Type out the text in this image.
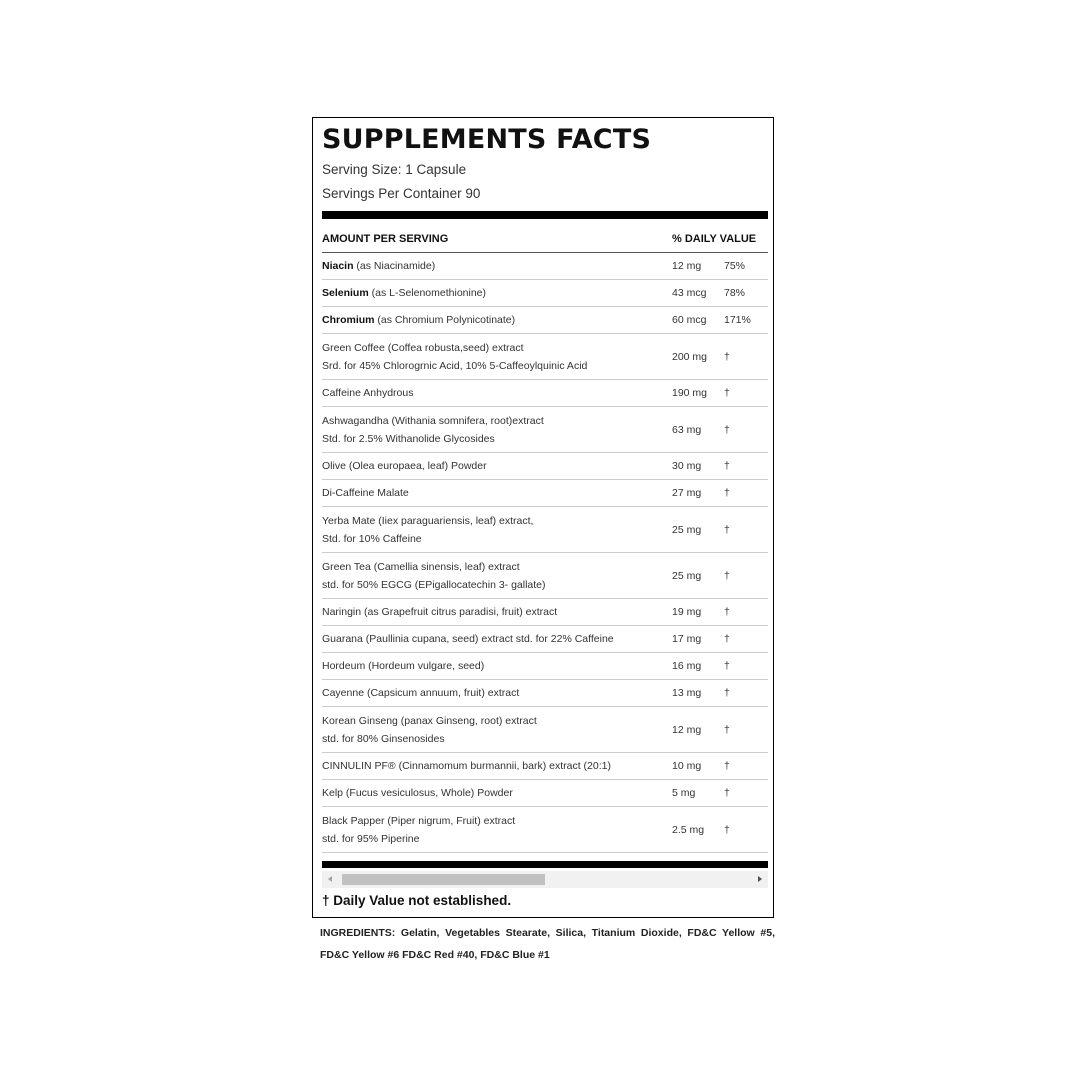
SUPPLEMENTS FACTS
Serving Size: 1 Capsule
Servings Per Container 90
AMOUNT PER SERVING	% DAILY VALUE	

Niacin (as Niacinamide)	12 mg	75%

Selenium (as L-Selenomethionine)	43 mcg	78%

Chromium (as Chromium Polynicotinate)	60 mcg	171%

Green Coffee (Coffea robusta,seed) extract
Srd. for 45% Chlorogrnic Acid, 10% 5-Caffeoylquinic Acid	200 mg	†

Caffeine Anhydrous	190 mg	†

Ashwagandha (Withania somnifera, root)extract
Std. for 2.5% Withanolide Glycosides	63 mg	†

Olive (Olea europaea, leaf) Powder	30 mg	†

Di-Caffeine Malate	27 mg	†

Yerba Mate (Iiex paraguariensis, leaf) extract,
Std. for 10% Caffeine	25 mg	†

Green Tea (Camellia sinensis, leaf) extract
std. for 50% EGCG (EPigallocatechin 3- gallate)	25 mg	†

Naringin (as Grapefruit citrus paradisi, fruit) extract	19 mg	†

Guarana (Paullinia cupana, seed) extract std. for 22% Caffeine	17 mg	†

Hordeum (Hordeum vulgare, seed)	16 mg	†

Cayenne (Capsicum annuum, fruit) extract	13 mg	†

Korean Ginseng (panax Ginseng, root) extract
std. for 80% Ginsenosides	12 mg	†

CINNULIN PF® (Cinnamomum burmannii, bark) extract (20:1)	10 mg	†

Kelp (Fucus vesiculosus, Whole) Powder	5 mg	†

Black Papper (Piper nigrum, Fruit) extract
std. for 95% Piperine	2.5 mg	†
† Daily Value not established.
INGREDIENTS: Gelatin, Vegetables Stearate, Silica, Titanium Dioxide, FD&C Yellow #5, FD&C Yellow #6 FD&C Red #40, FD&C Blue #1
